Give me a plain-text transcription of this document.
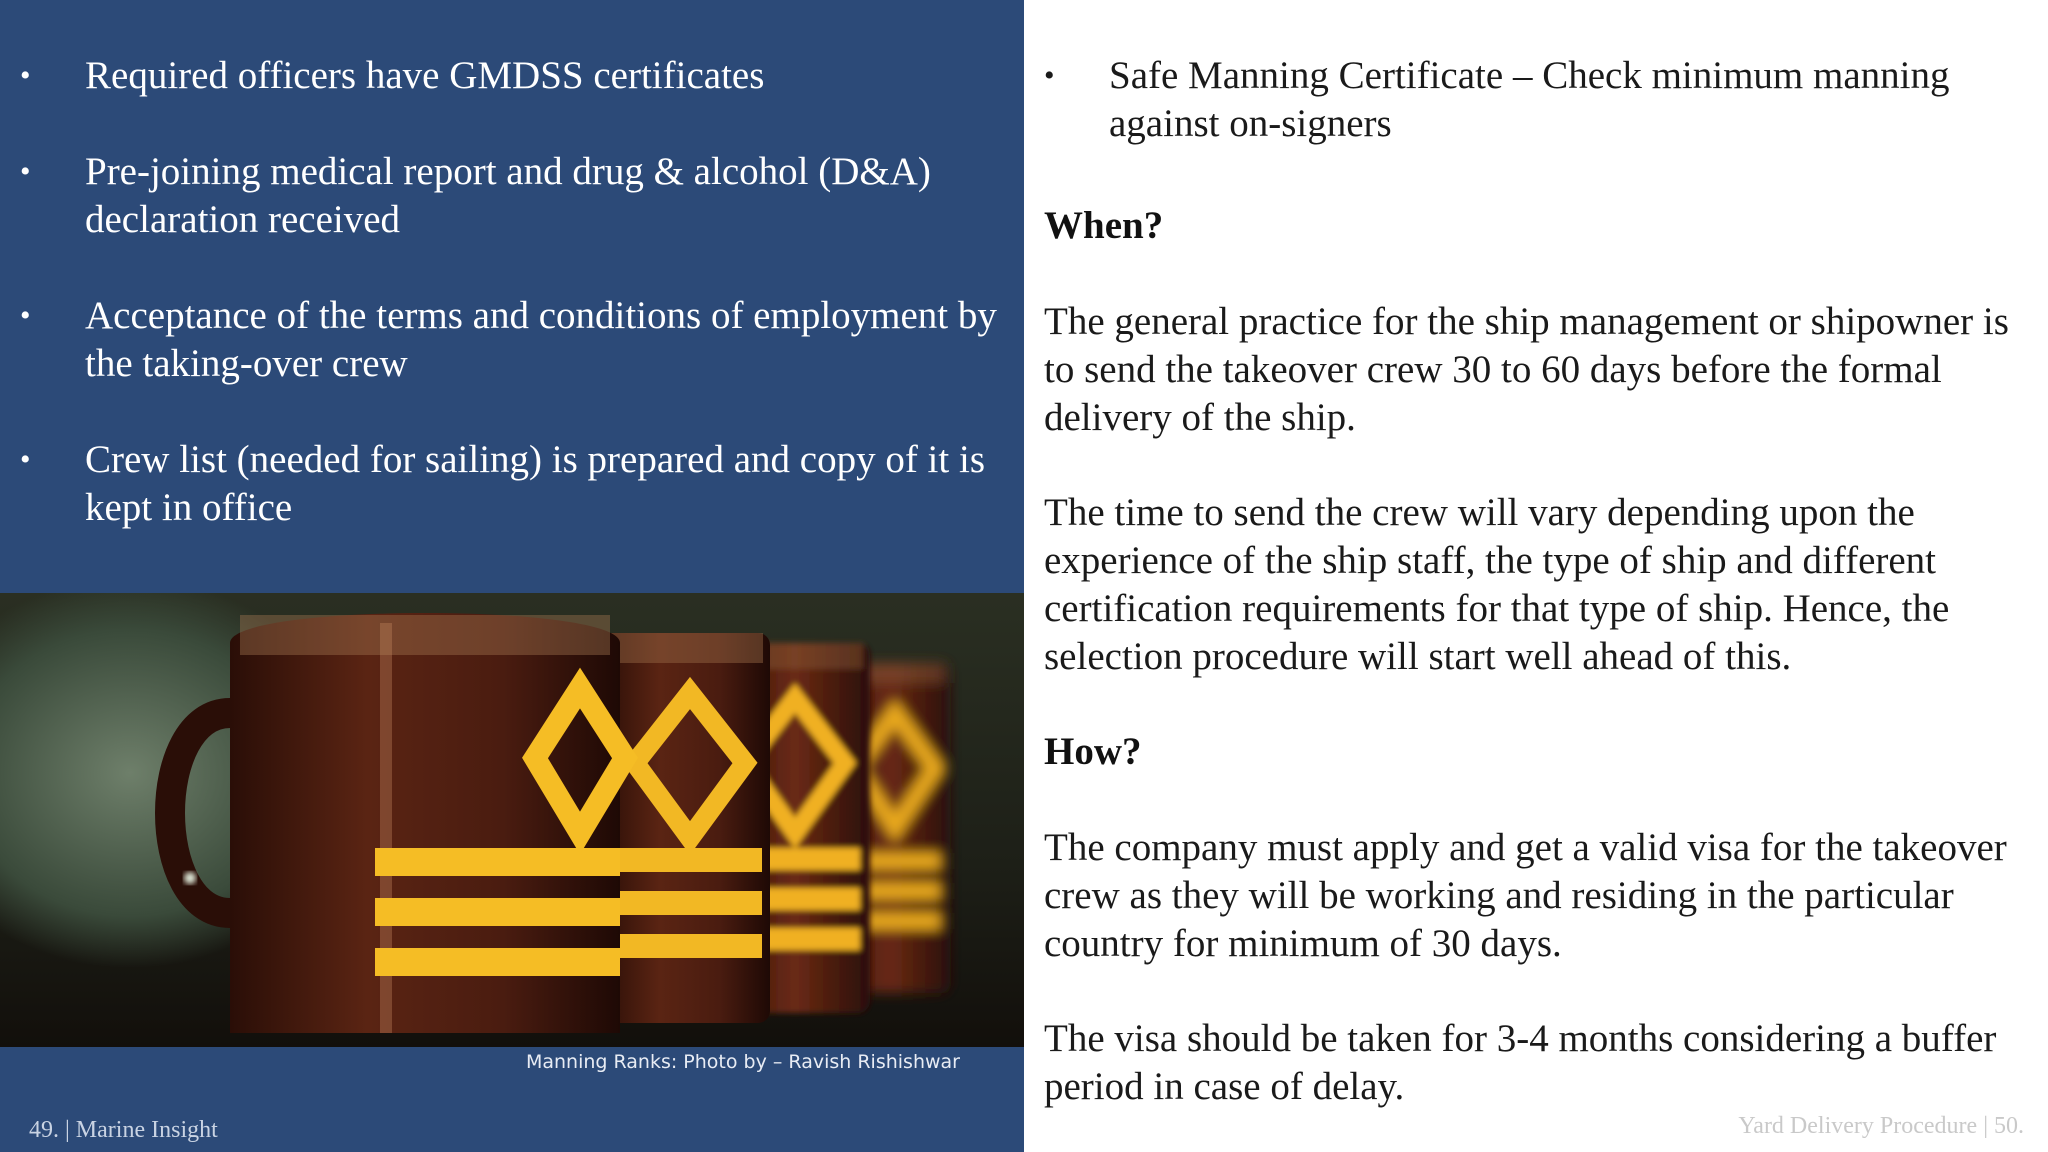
• Required officers have GMDSS certificates
• Pre-joining medical report and drug & alcohol (D&A) declaration received
• Acceptance of the terms and conditions of employment by the taking-over crew
• Crew list (needed for sailing) is prepared and copy of it is kept in office
Manning Ranks: Photo by – Ravish Rishishwar
49. | Marine Insight
• Safe Manning Certificate – Check minimum manning against on-signers
When?
The general practice for the ship management or shipowner is to send the takeover crew 30 to 60 days before the formal delivery of the ship.
The time to send the crew will vary depending upon the experience of the ship staff, the type of ship and different certification requirements for that type of ship. Hence, the selection procedure will start well ahead of this.
How?
The company must apply and get a valid visa for the takeover crew as they will be working and residing in the particular country for minimum of 30 days.
The visa should be taken for 3-4 months considering a buffer period in case of delay.
Yard Delivery Procedure | 50.
